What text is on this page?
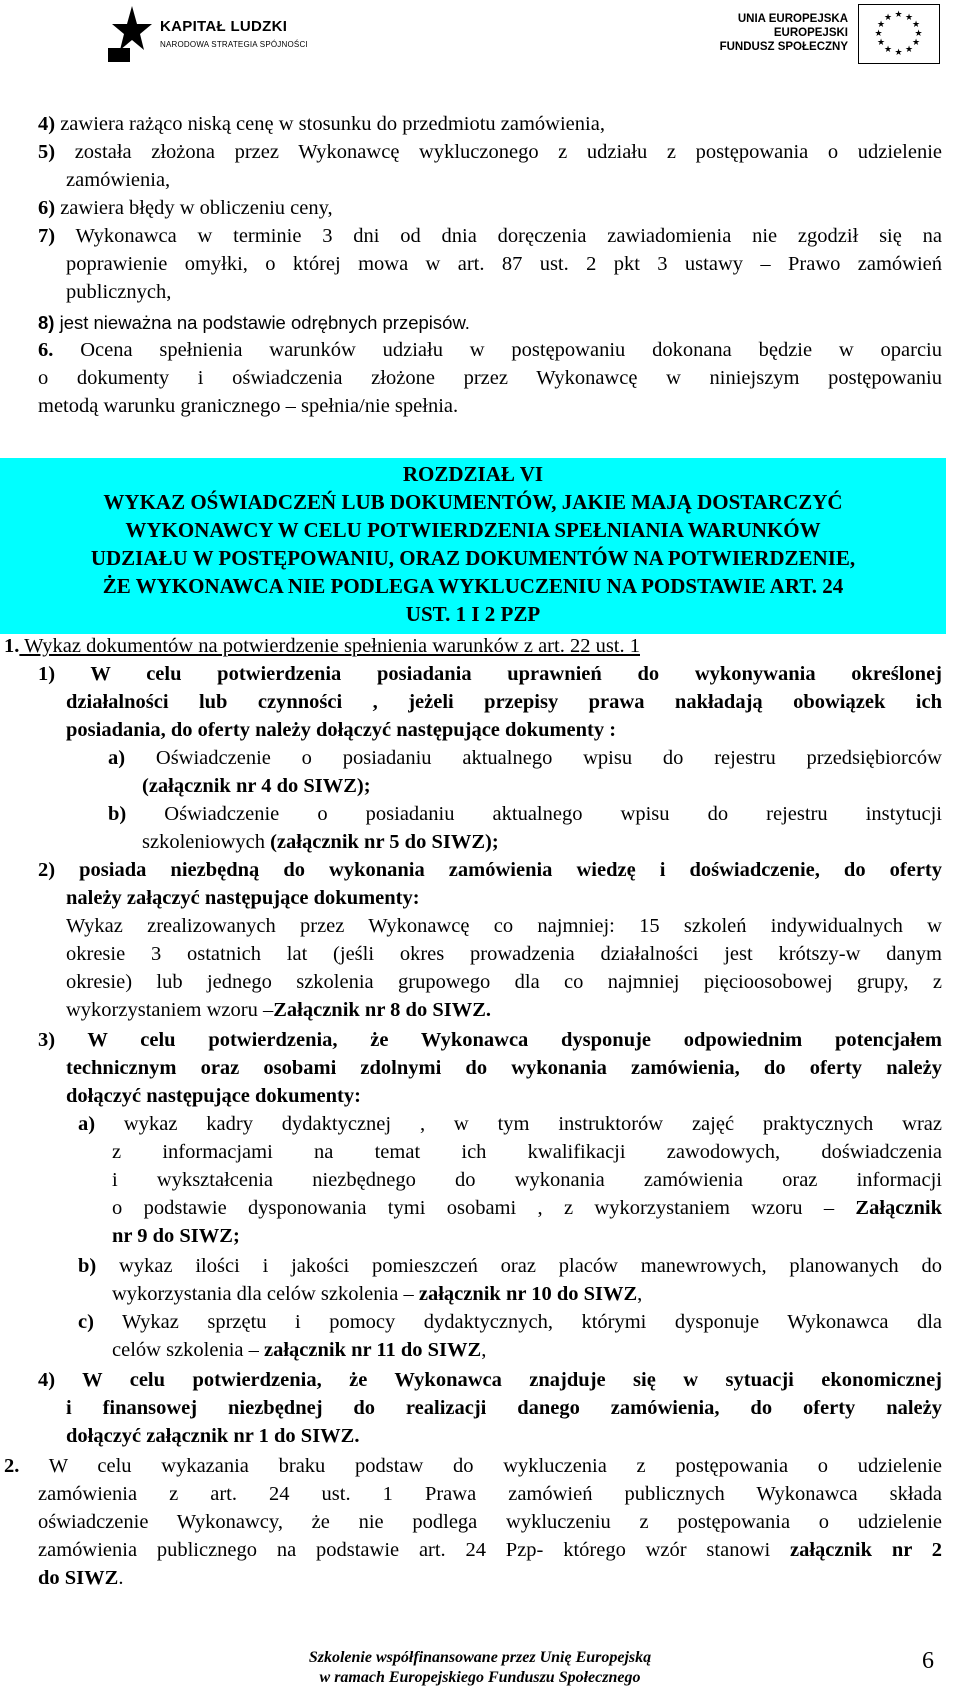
KAPITAŁ LUDZKI
NARODOWA STRATEGIA SPÓJNOŚCI
UNIA EUROPEJSKA
EUROPEJSKI
FUNDUSZ SPOŁECZNY
★ ★
★
★
★
★
★
★
★
★
★
★
4) zawiera rażąco niską cenę w stosunku do przedmiotu zamówienia,
5) została złożona przez Wykonawcę wykluczonego z udziału z postępowania o udzielenie
zamówienia,
6) zawiera błędy w obliczeniu ceny,
7) Wykonawca w terminie 3 dni od dnia doręczenia zawiadomienia nie zgodził się na
poprawienie omyłki, o której mowa w art. 87 ust. 2 pkt 3 ustawy – Prawo zamówień
publicznych,
8) jest nieważna na podstawie odrębnych przepisów.
6. Ocena spełnienia warunków udziału w postępowaniu dokonana będzie w oparciu
o dokumenty i oświadczenia złożone przez Wykonawcę w niniejszym postępowaniu
metodą warunku granicznego – spełnia/nie spełnia.
ROZDZIAŁ VI
WYKAZ OŚWIADCZEŃ LUB DOKUMENTÓW, JAKIE MAJĄ DOSTARCZYĆ
WYKONAWCY W CELU POTWIERDZENIA SPEŁNIANIA WARUNKÓW
UDZIAŁU W POSTĘPOWANIU, ORAZ DOKUMENTÓW NA POTWIERDZENIE,
ŻE WYKONAWCA NIE PODLEGA WYKLUCZENIU NA PODSTAWIE ART. 24
UST. 1 I 2 PZP
1. Wykaz dokumentów na potwierdzenie spełnienia warunków z art. 22 ust. 1
1) W celu potwierdzenia posiadania uprawnień do wykonywania określonej
działalności lub czynności , jeżeli przepisy prawa nakładają obowiązek ich
posiadania, do oferty należy dołączyć następujące dokumenty :
a) Oświadczenie o posiadaniu aktualnego wpisu do rejestru przedsiębiorców
(załącznik nr 4 do SIWZ);
b) Oświadczenie o posiadaniu aktualnego wpisu do rejestru instytucji
szkoleniowych (załącznik nr 5 do SIWZ);
2) posiada niezbędną do wykonania zamówienia wiedzę i doświadczenie, do oferty
należy załączyć następujące dokumenty:
Wykaz zrealizowanych przez Wykonawcę co najmniej: 15 szkoleń indywidualnych w
okresie 3 ostatnich lat (jeśli okres prowadzenia działalności jest krótszy-w danym
okresie) lub jednego szkolenia grupowego dla co najmniej pięcioosobowej grupy, z
wykorzystaniem wzoru –Załącznik nr 8 do SIWZ.
3) W celu potwierdzenia, że Wykonawca dysponuje odpowiednim potencjałem
technicznym oraz osobami zdolnymi do wykonania zamówienia, do oferty należy
dołączyć następujące dokumenty:
a) wykaz kadry dydaktycznej , w tym instruktorów zajęć praktycznych wraz
z informacjami na temat ich kwalifikacji zawodowych, doświadczenia
i wykształcenia niezbędnego do wykonania zamówienia oraz informacji
o podstawie dysponowania tymi osobami , z wykorzystaniem wzoru – Załącznik
nr 9 do SIWZ;
b) wykaz ilości i jakości pomieszczeń oraz placów manewrowych, planowanych do
wykorzystania dla celów szkolenia – załącznik nr 10 do SIWZ,
c) Wykaz sprzętu i pomocy dydaktycznych, którymi dysponuje Wykonawca dla
celów szkolenia – załącznik nr 11 do SIWZ,
4) W celu potwierdzenia, że Wykonawca znajduje się w sytuacji ekonomicznej
i finansowej niezbędnej do realizacji danego zamówienia, do oferty należy
dołączyć załącznik nr 1 do SIWZ.
2. W celu wykazania braku podstaw do wykluczenia z postępowania o udzielenie
zamówienia z art. 24 ust. 1 Prawa zamówień publicznych Wykonawca składa
oświadczenie Wykonawcy, że nie podlega wykluczeniu z postępowania o udzielenie
zamówienia publicznego na podstawie art. 24 Pzp- którego wzór stanowi załącznik nr 2
do SIWZ.
Szkolenie współfinansowane przez Unię Europejską
w ramach Europejskiego Funduszu Społecznego
6
